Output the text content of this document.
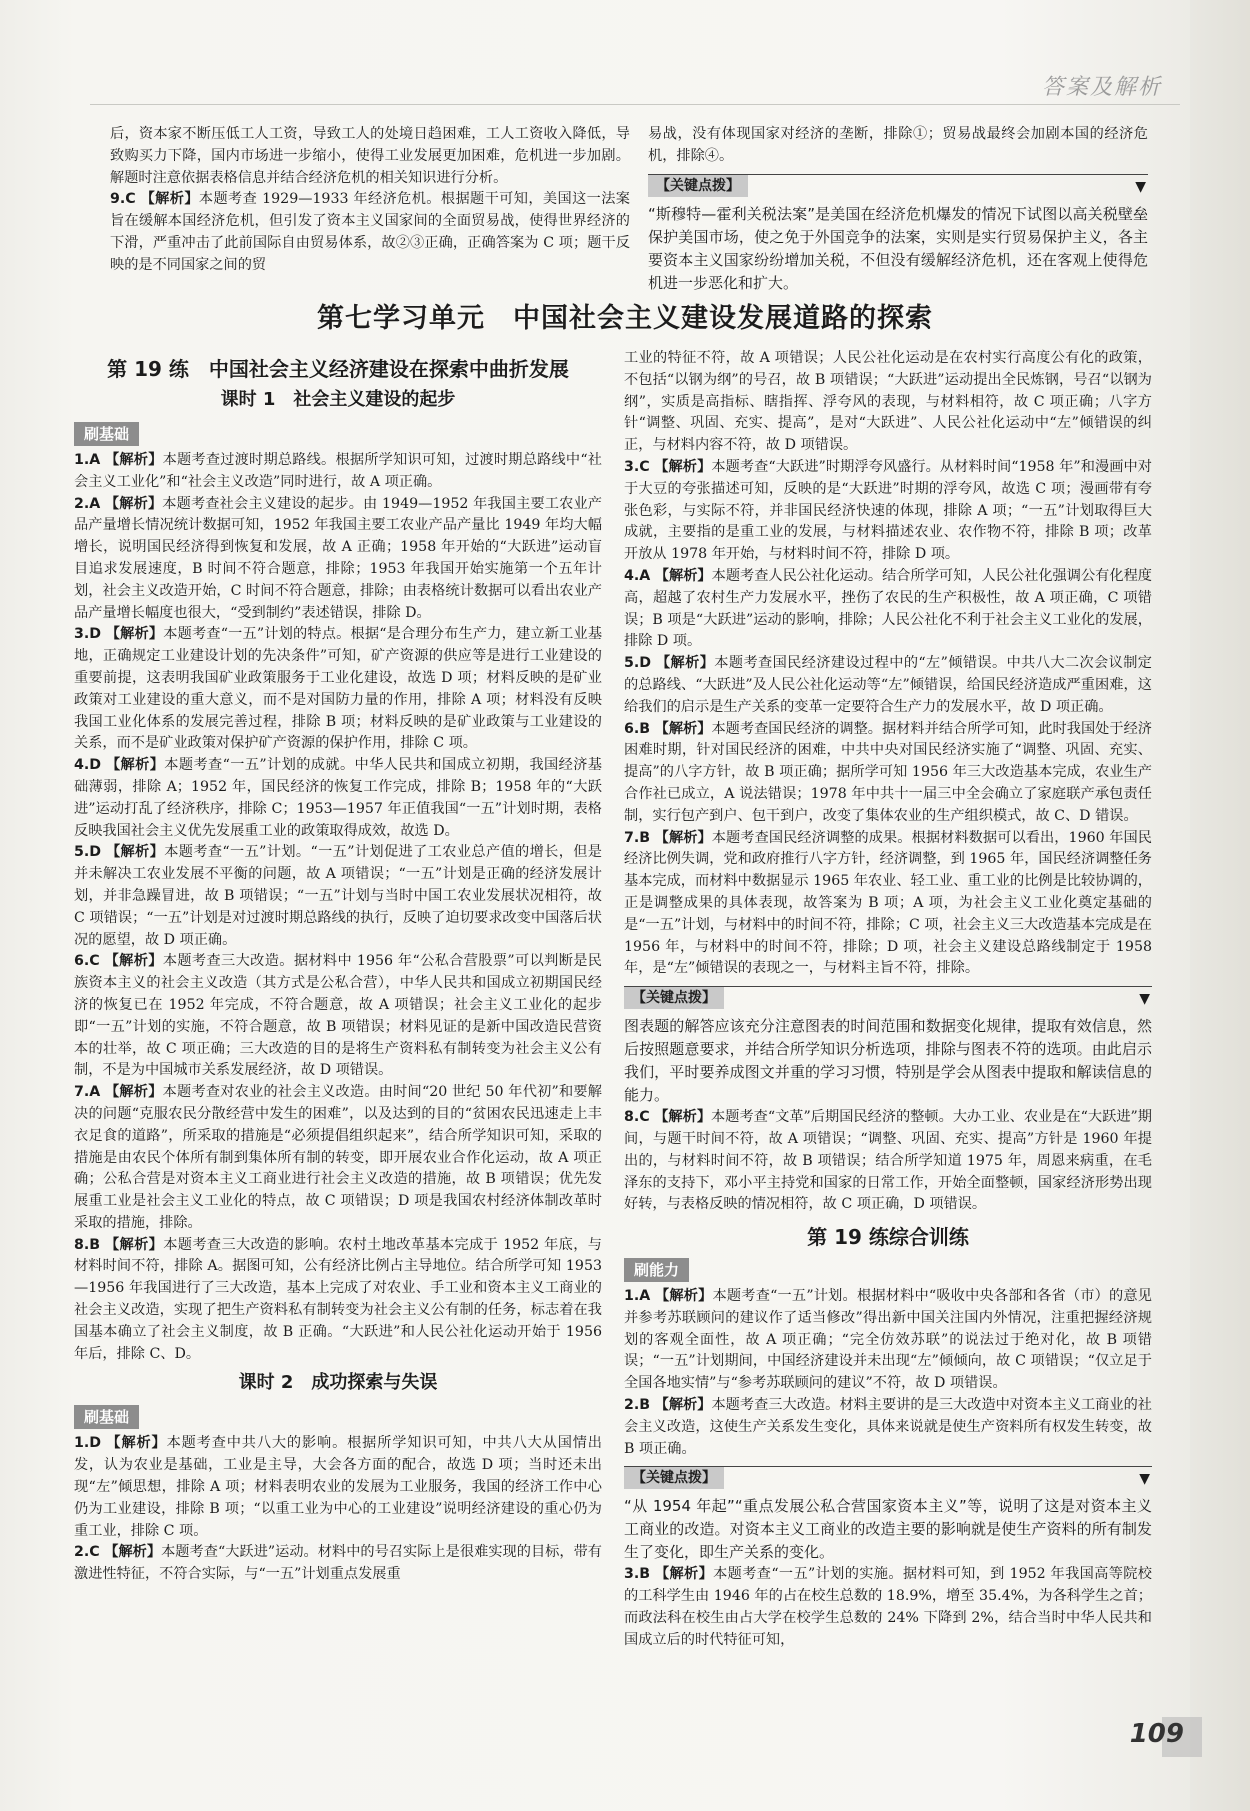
答案及解析

后，资本家不断压低工人工资，导致工人的处境日趋困难，工人工资收入降低，导致购买力下降，国内市场进一步缩小，使得工业发展更加困难，危机进一步加剧。解题时注意依据表格信息并结合经济危机的相关知识进行分析。

9.C 【解析】本题考查 1929—1933 年经济危机。根据题干可知，美国这一法案旨在缓解本国经济危机，但引发了资本主义国家间的全面贸易战，使得世界经济的下滑，严重冲击了此前国际自由贸易体系，故②③正确，正确答案为 C 项；题干反映的是不同国家之间的贸

易战，没有体现国家对经济的垄断，排除①；贸易战最终会加剧本国的经济危机，排除④。

【关键点拨】	▼

“斯穆特—霍利关税法案”是美国在经济危机爆发的情况下试图以高关税壁垒保护美国市场，使之免于外国竞争的法案，实则是实行贸易保护主义，各主要资本主义国家纷纷增加关税，不但没有缓解经济危机，还在客观上使得危机进一步恶化和扩大。

第七学习单元　中国社会主义建设发展道路的探索
第 19 练　中国社会主义经济建设在探索中曲折发展
课时 1　社会主义建设的起步
刷基础

1.A 【解析】本题考查过渡时期总路线。根据所学知识可知，过渡时期总路线中“社会主义工业化”和“社会主义改造”同时进行，故 A 项正确。

2.A 【解析】本题考查社会主义建设的起步。由 1949—1952 年我国主要工农业产品产量增长情况统计数据可知，1952 年我国主要工农业产品产量比 1949 年均大幅增长，说明国民经济得到恢复和发展，故 A 正确；1958 年开始的“大跃进”运动盲目追求发展速度，B 时间不符合题意，排除；1953 年我国开始实施第一个五年计划，社会主义改造开始，C 时间不符合题意，排除；由表格统计数据可以看出农业产品产量增长幅度也很大，“受到制约”表述错误，排除 D。

3.D 【解析】本题考查“一五”计划的特点。根据“是合理分布生产力，建立新工业基地，正确规定工业建设计划的先决条件”可知，矿产资源的供应等是进行工业建设的重要前提，这表明我国矿业政策服务于工业化建设，故选 D 项；材料反映的是矿业政策对工业建设的重大意义，而不是对国防力量的作用，排除 A 项；材料没有反映我国工业化体系的发展完善过程，排除 B 项；材料反映的是矿业政策与工业建设的关系，而不是矿业政策对保护矿产资源的保护作用，排除 C 项。

4.D 【解析】本题考查“一五”计划的成就。中华人民共和国成立初期，我国经济基础薄弱，排除 A；1952 年，国民经济的恢复工作完成，排除 B；1958 年的“大跃进”运动打乱了经济秩序，排除 C；1953—1957 年正值我国“一五”计划时期，表格反映我国社会主义优先发展重工业的政策取得成效，故选 D。

5.D 【解析】本题考查“一五”计划。“一五”计划促进了工农业总产值的增长，但是并未解决工农业发展不平衡的问题，故 A 项错误；“一五”计划是正确的经济发展计划，并非急躁冒进，故 B 项错误；“一五”计划与当时中国工农业发展状况相符，故 C 项错误；“一五”计划是对过渡时期总路线的执行，反映了迫切要求改变中国落后状况的愿望，故 D 项正确。

6.C 【解析】本题考查三大改造。据材料中 1956 年“公私合营股票”可以判断是民族资本主义的社会主义改造（其方式是公私合营），中华人民共和国成立初期国民经济的恢复已在 1952 年完成，不符合题意，故 A 项错误；社会主义工业化的起步即“一五”计划的实施，不符合题意，故 B 项错误；材料见证的是新中国改造民营资本的壮举，故 C 项正确；三大改造的目的是将生产资料私有制转变为社会主义公有制，不是为中国城市关系发展经济，故 D 项错误。

7.A 【解析】本题考查对农业的社会主义改造。由时间“20 世纪 50 年代初”和要解决的问题“克服农民分散经营中发生的困难”，以及达到的目的“贫困农民迅速走上丰衣足食的道路”，所采取的措施是“必须提倡组织起来”，结合所学知识可知，采取的措施是由农民个体所有制到集体所有制的转变，即开展农业合作化运动，故 A 项正确；公私合营是对资本主义工商业进行社会主义改造的措施，故 B 项错误；优先发展重工业是社会主义工业化的特点，故 C 项错误；D 项是我国农村经济体制改革时采取的措施，排除。

8.B 【解析】本题考查三大改造的影响。农村土地改革基本完成于 1952 年底，与材料时间不符，排除 A。据图可知，公有经济比例占主导地位。结合所学可知 1953—1956 年我国进行了三大改造，基本上完成了对农业、手工业和资本主义工商业的社会主义改造，实现了把生产资料私有制转变为社会主义公有制的任务，标志着在我国基本确立了社会主义制度，故 B 正确。“大跃进”和人民公社化运动开始于 1956 年后，排除 C、D。

课时 2　成功探索与失误
刷基础

1.D 【解析】本题考查中共八大的影响。根据所学知识可知，中共八大从国情出发，认为农业是基础，工业是主导，大会各方面的配合，故选 D 项；当时还未出现“左”倾思想，排除 A 项；材料表明农业的发展为工业服务，我国的经济工作中心仍为工业建设，排除 B 项；“以重工业为中心的工业建设”说明经济建设的重心仍为重工业，排除 C 项。

2.C 【解析】本题考查“大跃进”运动。材料中的号召实际上是很难实现的目标，带有激进性特征，不符合实际，与“一五”计划重点发展重

工业的特征不符，故 A 项错误；人民公社化运动是在农村实行高度公有化的政策，不包括“以钢为纲”的号召，故 B 项错误；“大跃进”运动提出全民炼钢，号召“以钢为纲”，实质是高指标、瞎指挥、浮夸风的表现，与材料相符，故 C 项正确；八字方针“调整、巩固、充实、提高”，是对“大跃进”、人民公社化运动中“左”倾错误的纠正，与材料内容不符，故 D 项错误。

3.C 【解析】本题考查“大跃进”时期浮夸风盛行。从材料时间“1958 年”和漫画中对于大豆的夸张描述可知，反映的是“大跃进”时期的浮夸风，故选 C 项；漫画带有夸张色彩，与实际不符，并非国民经济快速的体现，排除 A 项；“一五”计划取得巨大成就，主要指的是重工业的发展，与材料描述农业、农作物不符，排除 B 项；改革开放从 1978 年开始，与材料时间不符，排除 D 项。

4.A 【解析】本题考查人民公社化运动。结合所学可知，人民公社化强调公有化程度高，超越了农村生产力发展水平，挫伤了农民的生产积极性，故 A 项正确，C 项错误；B 项是“大跃进”运动的影响，排除；人民公社化不利于社会主义工业化的发展，排除 D 项。

5.D 【解析】本题考查国民经济建设过程中的“左”倾错误。中共八大二次会议制定的总路线、“大跃进”及人民公社化运动等“左”倾错误，给国民经济造成严重困难，这给我们的启示是生产关系的变革一定要符合生产力的发展水平，故 D 项正确。

6.B 【解析】本题考查国民经济的调整。据材料并结合所学可知，此时我国处于经济困难时期，针对国民经济的困难，中共中央对国民经济实施了“调整、巩固、充实、提高”的八字方针，故 B 项正确；据所学可知 1956 年三大改造基本完成，农业生产合作社已成立，A 说法错误；1978 年中共十一届三中全会确立了家庭联产承包责任制，实行包产到户、包干到户，改变了集体农业的生产组织模式，故 C、D 错误。

7.B 【解析】本题考查国民经济调整的成果。根据材料数据可以看出，1960 年国民经济比例失调，党和政府推行八字方针，经济调整，到 1965 年，国民经济调整任务基本完成，而材料中数据显示 1965 年农业、轻工业、重工业的比例是比较协调的，正是调整成果的具体表现，故答案为 B 项；A 项，为社会主义工业化奠定基础的是“一五”计划，与材料中的时间不符，排除；C 项，社会主义三大改造基本完成是在 1956 年，与材料中的时间不符，排除；D 项，社会主义建设总路线制定于 1958 年，是“左”倾错误的表现之一，与材料主旨不符，排除。

【关键点拨】	▼

图表题的解答应该充分注意图表的时间范围和数据变化规律，提取有效信息，然后按照题意要求，并结合所学知识分析选项，排除与图表不符的选项。由此启示我们，平时要养成图文并重的学习习惯，特别是学会从图表中提取和解读信息的能力。

8.C 【解析】本题考查“文革”后期国民经济的整顿。大办工业、农业是在“大跃进”期间，与题干时间不符，故 A 项错误；“调整、巩固、充实、提高”方针是 1960 年提出的，与材料时间不符，故 B 项错误；结合所学知道 1975 年，周恩来病重，在毛泽东的支持下，邓小平主持党和国家的日常工作，开始全面整顿，国家经济形势出现好转，与表格反映的情况相符，故 C 项正确，D 项错误。

第 19 练综合训练
刷能力

1.A 【解析】本题考查“一五”计划。根据材料中“吸收中央各部和各省（市）的意见并参考苏联顾问的建议作了适当修改”得出新中国关注国内外情况，注重把握经济规划的客观全面性，故 A 项正确；“完全仿效苏联”的说法过于绝对化，故 B 项错误；“一五”计划期间，中国经济建设并未出现“左”倾倾向，故 C 项错误；“仅立足于全国各地实情”与“参考苏联顾问的建议”不符，故 D 项错误。

2.B 【解析】本题考查三大改造。材料主要讲的是三大改造中对资本主义工商业的社会主义改造，这使生产关系发生变化，具体来说就是使生产资料所有权发生转变，故 B 项正确。

【关键点拨】	▼

“从 1954 年起”“重点发展公私合营国家资本主义”等，说明了这是对资本主义工商业的改造。对资本主义工商业的改造主要的影响就是使生产资料的所有制发生了变化，即生产关系的变化。

3.B 【解析】本题考查“一五”计划的实施。据材料可知，到 1952 年我国高等院校的工科学生由 1946 年的占在校生总数的 18.9%，增至 35.4%，为各科学生之首；而政法科在校生由占大学在校学生总数的 24% 下降到 2%，结合当时中华人民共和国成立后的时代特征可知，

109
